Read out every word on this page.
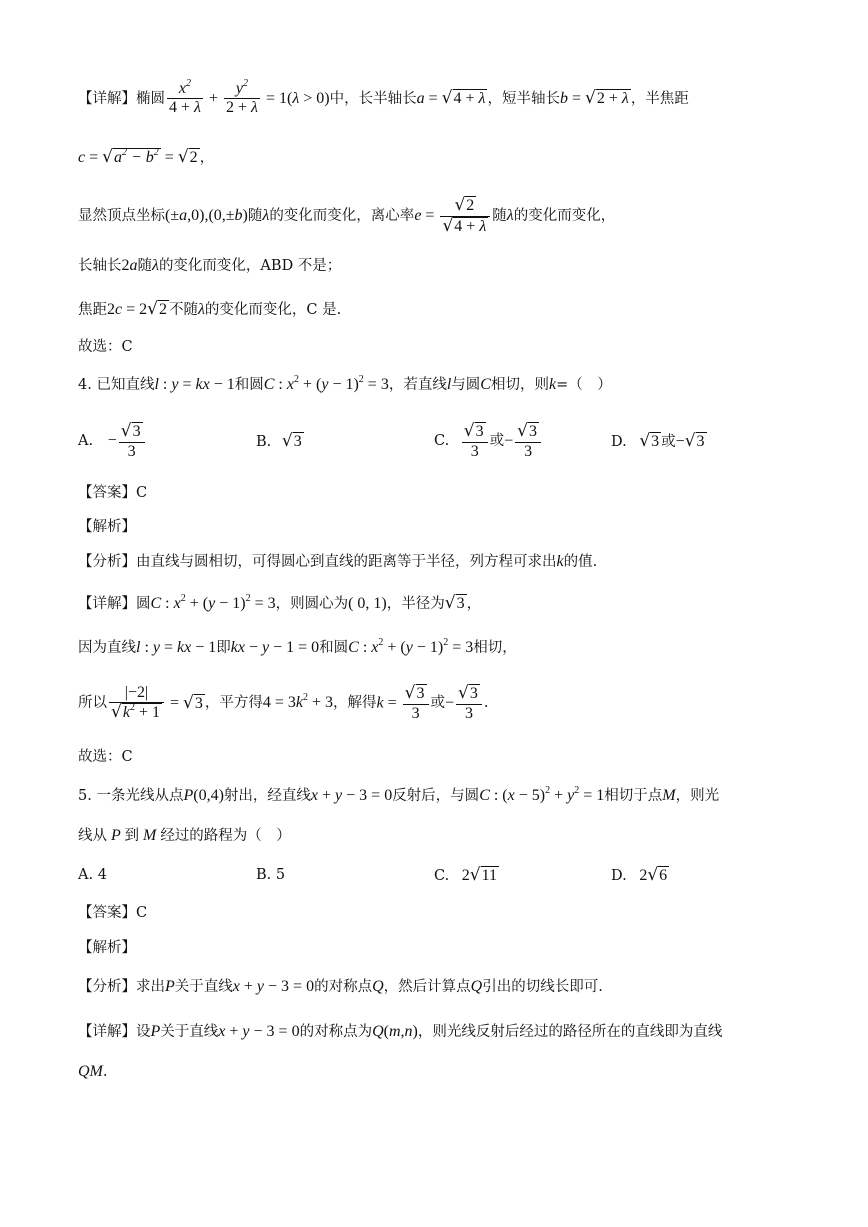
【详解】椭圆 $\frac{x^2}{4 + \lambda} + \frac{y^2}{2 + \lambda} = 1(\lambda > 0)$中，长半轴长a = √4 + λ ，短半轴长b = √2 + λ ，半焦距
$c = √a^2 - b^2 = √2$ ，
显然顶点坐标(±a,0),(0,±b)随λ的变化而变化，离心率$e = \frac{√2}{√4 + \lambda}$ 随λ的变化而变化，
长轴长2a随λ的变化而变化，ABD 不是；
焦距2c = 2√2 不随λ的变化而变化，C 是.
故选：C
4. 已知直线l : y = kx − 1和圆C : $x^2 + (y - 1)^2 = 3$，若直线l与圆C相切，则k=（　）
A. − $\frac{√3}{3}$	B. √3	C. $\frac{√3}{3}$ 或− $\frac{√3}{3}$	D. √3 或−√3
【答案】C
【解析】
【分析】由直线与圆相切，可得圆心到直线的距离等于半径，列方程可求出k的值.
【详解】圆C : $x^2 + (y - 1)^2 = 3$，则圆心为( 0, 1)，半径为√3 ，
因为直线l : y = kx − 1即kx − y − 1 = 0和圆C : $x^2 + (y - 1)^2 = 3$相切，
所以 $\frac{|-2|}{√k^2 + 1} = √3$ ，平方得$4 = 3k^2 + 3$，解得$k = \frac{√3}{3}$ 或− $\frac{√3}{3}$ .
故选：C
5. 一条光线从点P(0,4)射出，经直线x + y − 3 = 0反射后，与圆C : $(x - 5)^2 + y^2 = 1$相切于点M，则光
线从 P 到 M 经过的路程为（　）
A. 4	B. 5	C. 2√11	D. 2√6
【答案】C
【解析】
【分析】求出P关于直线x + y − 3 = 0的对称点Q，然后计算点Q引出的切线长即可.
【详解】设P关于直线x + y − 3 = 0的对称点为Q(m,n)，则光线反射后经过的路径所在的直线即为直线
QM.
